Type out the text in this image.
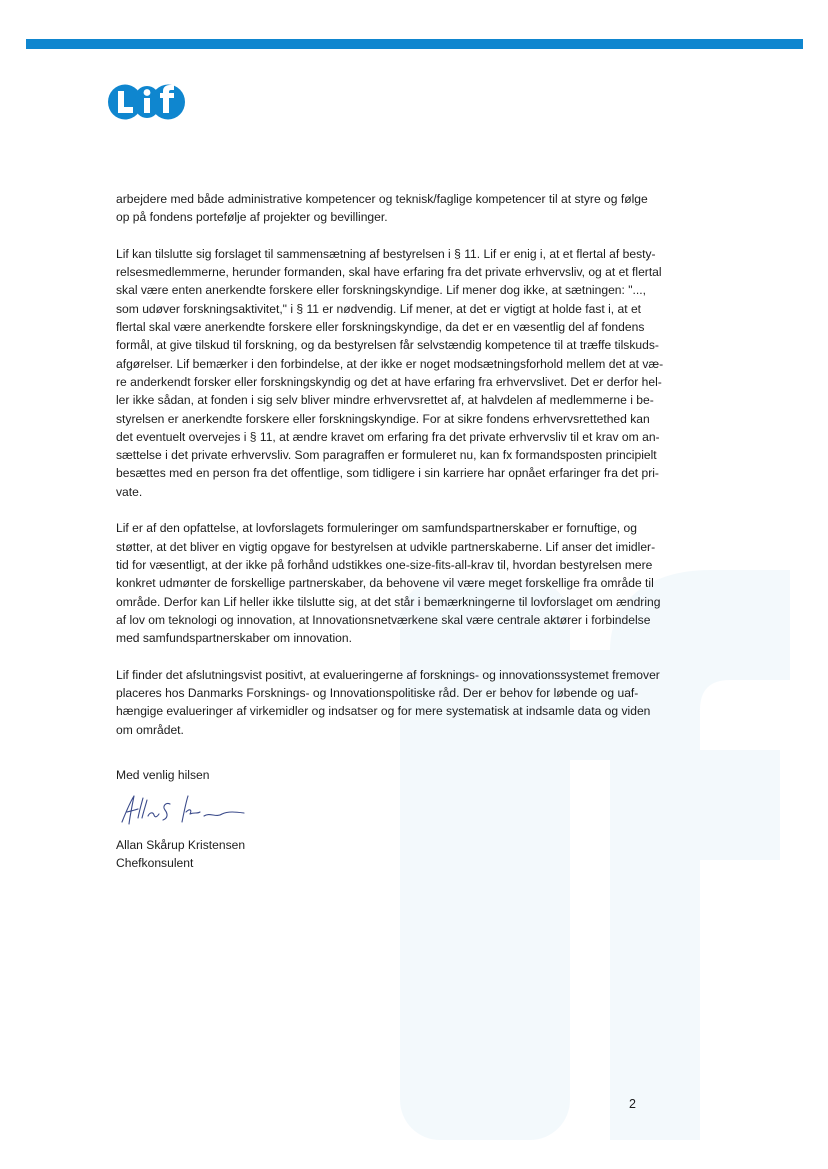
arbejdere med både administrative kompetencer og teknisk/faglige kompetencer til at styre og følge
op på fondens portefølje af projekter og bevillinger.

Lif kan tilslutte sig forslaget til sammensætning af bestyrelsen i § 11. Lif er enig i, at et flertal af besty-
relsesmedlemmerne, herunder formanden, skal have erfaring fra det private erhvervsliv, og at et flertal
skal være enten anerkendte forskere eller forskningskyndige. Lif mener dog ikke, at sætningen: "...,
som udøver forskningsaktivitet," i § 11 er nødvendig. Lif mener, at det er vigtigt at holde fast i, at et
flertal skal være anerkendte forskere eller forskningskyndige, da det er en væsentlig del af fondens
formål, at give tilskud til forskning, og da bestyrelsen får selvstændig kompetence til at træffe tilskuds-
afgørelser. Lif bemærker i den forbindelse, at der ikke er noget modsætningsforhold mellem det at væ-
re anderkendt forsker eller forskningskyndig og det at have erfaring fra erhvervslivet. Det er derfor hel-
ler ikke sådan, at fonden i sig selv bliver mindre erhvervsrettet af, at halvdelen af medlemmerne i be-
styrelsen er anerkendte forskere eller forskningskyndige. For at sikre fondens erhvervsrettethed kan
det eventuelt overvejes i § 11, at ændre kravet om erfaring fra det private erhvervsliv til et krav om an-
sættelse i det private erhvervsliv. Som paragraffen er formuleret nu, kan fx formandsposten principielt
besættes med en person fra det offentlige, som tidligere i sin karriere har opnået erfaringer fra det pri-
vate.

Lif er af den opfattelse, at lovforslagets formuleringer om samfundspartnerskaber er fornuftige, og
støtter, at det bliver en vigtig opgave for bestyrelsen at udvikle partnerskaberne. Lif anser det imidler-
tid for væsentligt, at der ikke på forhånd udstikkes one-size-fits-all-krav til, hvordan bestyrelsen mere
konkret udmønter de forskellige partnerskaber, da behovene vil være meget forskellige fra område til
område. Derfor kan Lif heller ikke tilslutte sig, at det står i bemærkningerne til lovforslaget om ændring
af lov om teknologi og innovation, at Innovationsnetværkene skal være centrale aktører i forbindelse
med samfundspartnerskaber om innovation.

Lif finder det afslutningsvist positivt, at evalueringerne af forsknings- og innovationssystemet fremover
placeres hos Danmarks Forsknings- og Innovationspolitiske råd. Der er behov for løbende og uaf-
hængige evalueringer af virkemidler og indsatser og for mere systematisk at indsamle data og viden
om området.

Med venlig hilsen
Allan Skårup Kristensen
Chefkonsulent
2
